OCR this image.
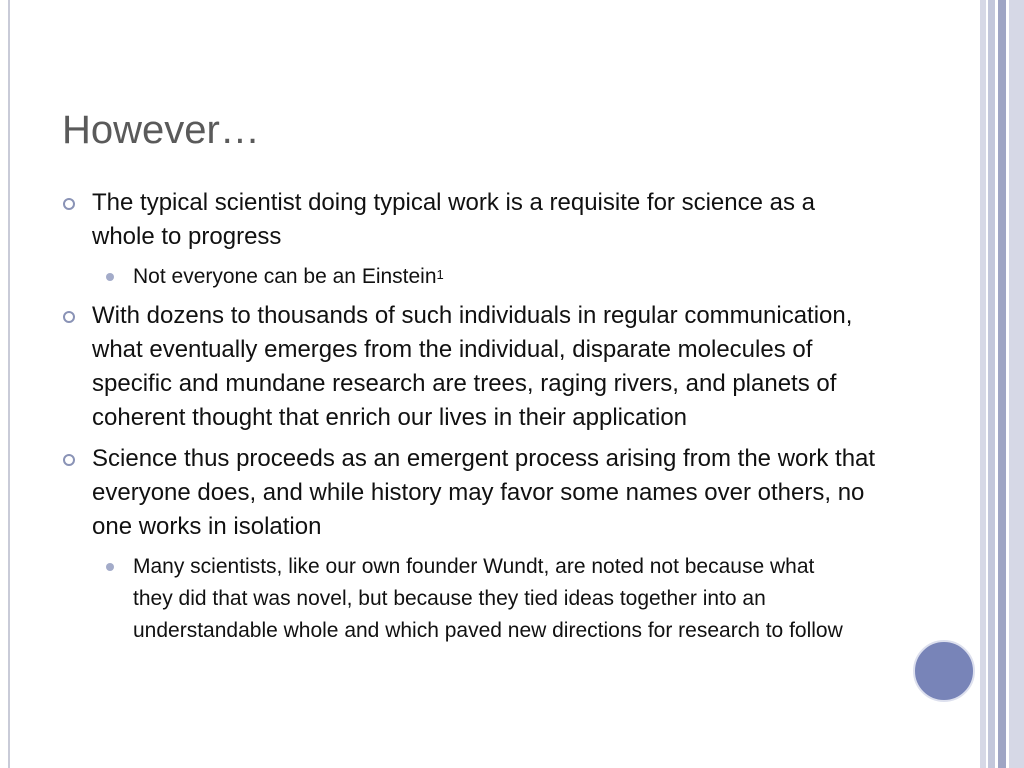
However…
The typical scientist doing typical work is a requisite for science as a whole to progress
Not everyone can be an Einstein$^1$
With dozens to thousands of such individuals in regular communication, what eventually emerges from the individual, disparate molecules of specific and mundane research are trees, raging rivers, and planets of coherent thought that enrich our lives in their application
Science thus proceeds as an emergent process arising from the work that everyone does, and while history may favor some names over others, no one works in isolation
Many scientists, like our own founder Wundt, are noted not because what they did that was novel, but because they tied ideas together into an understandable whole and which paved new directions for research to follow
